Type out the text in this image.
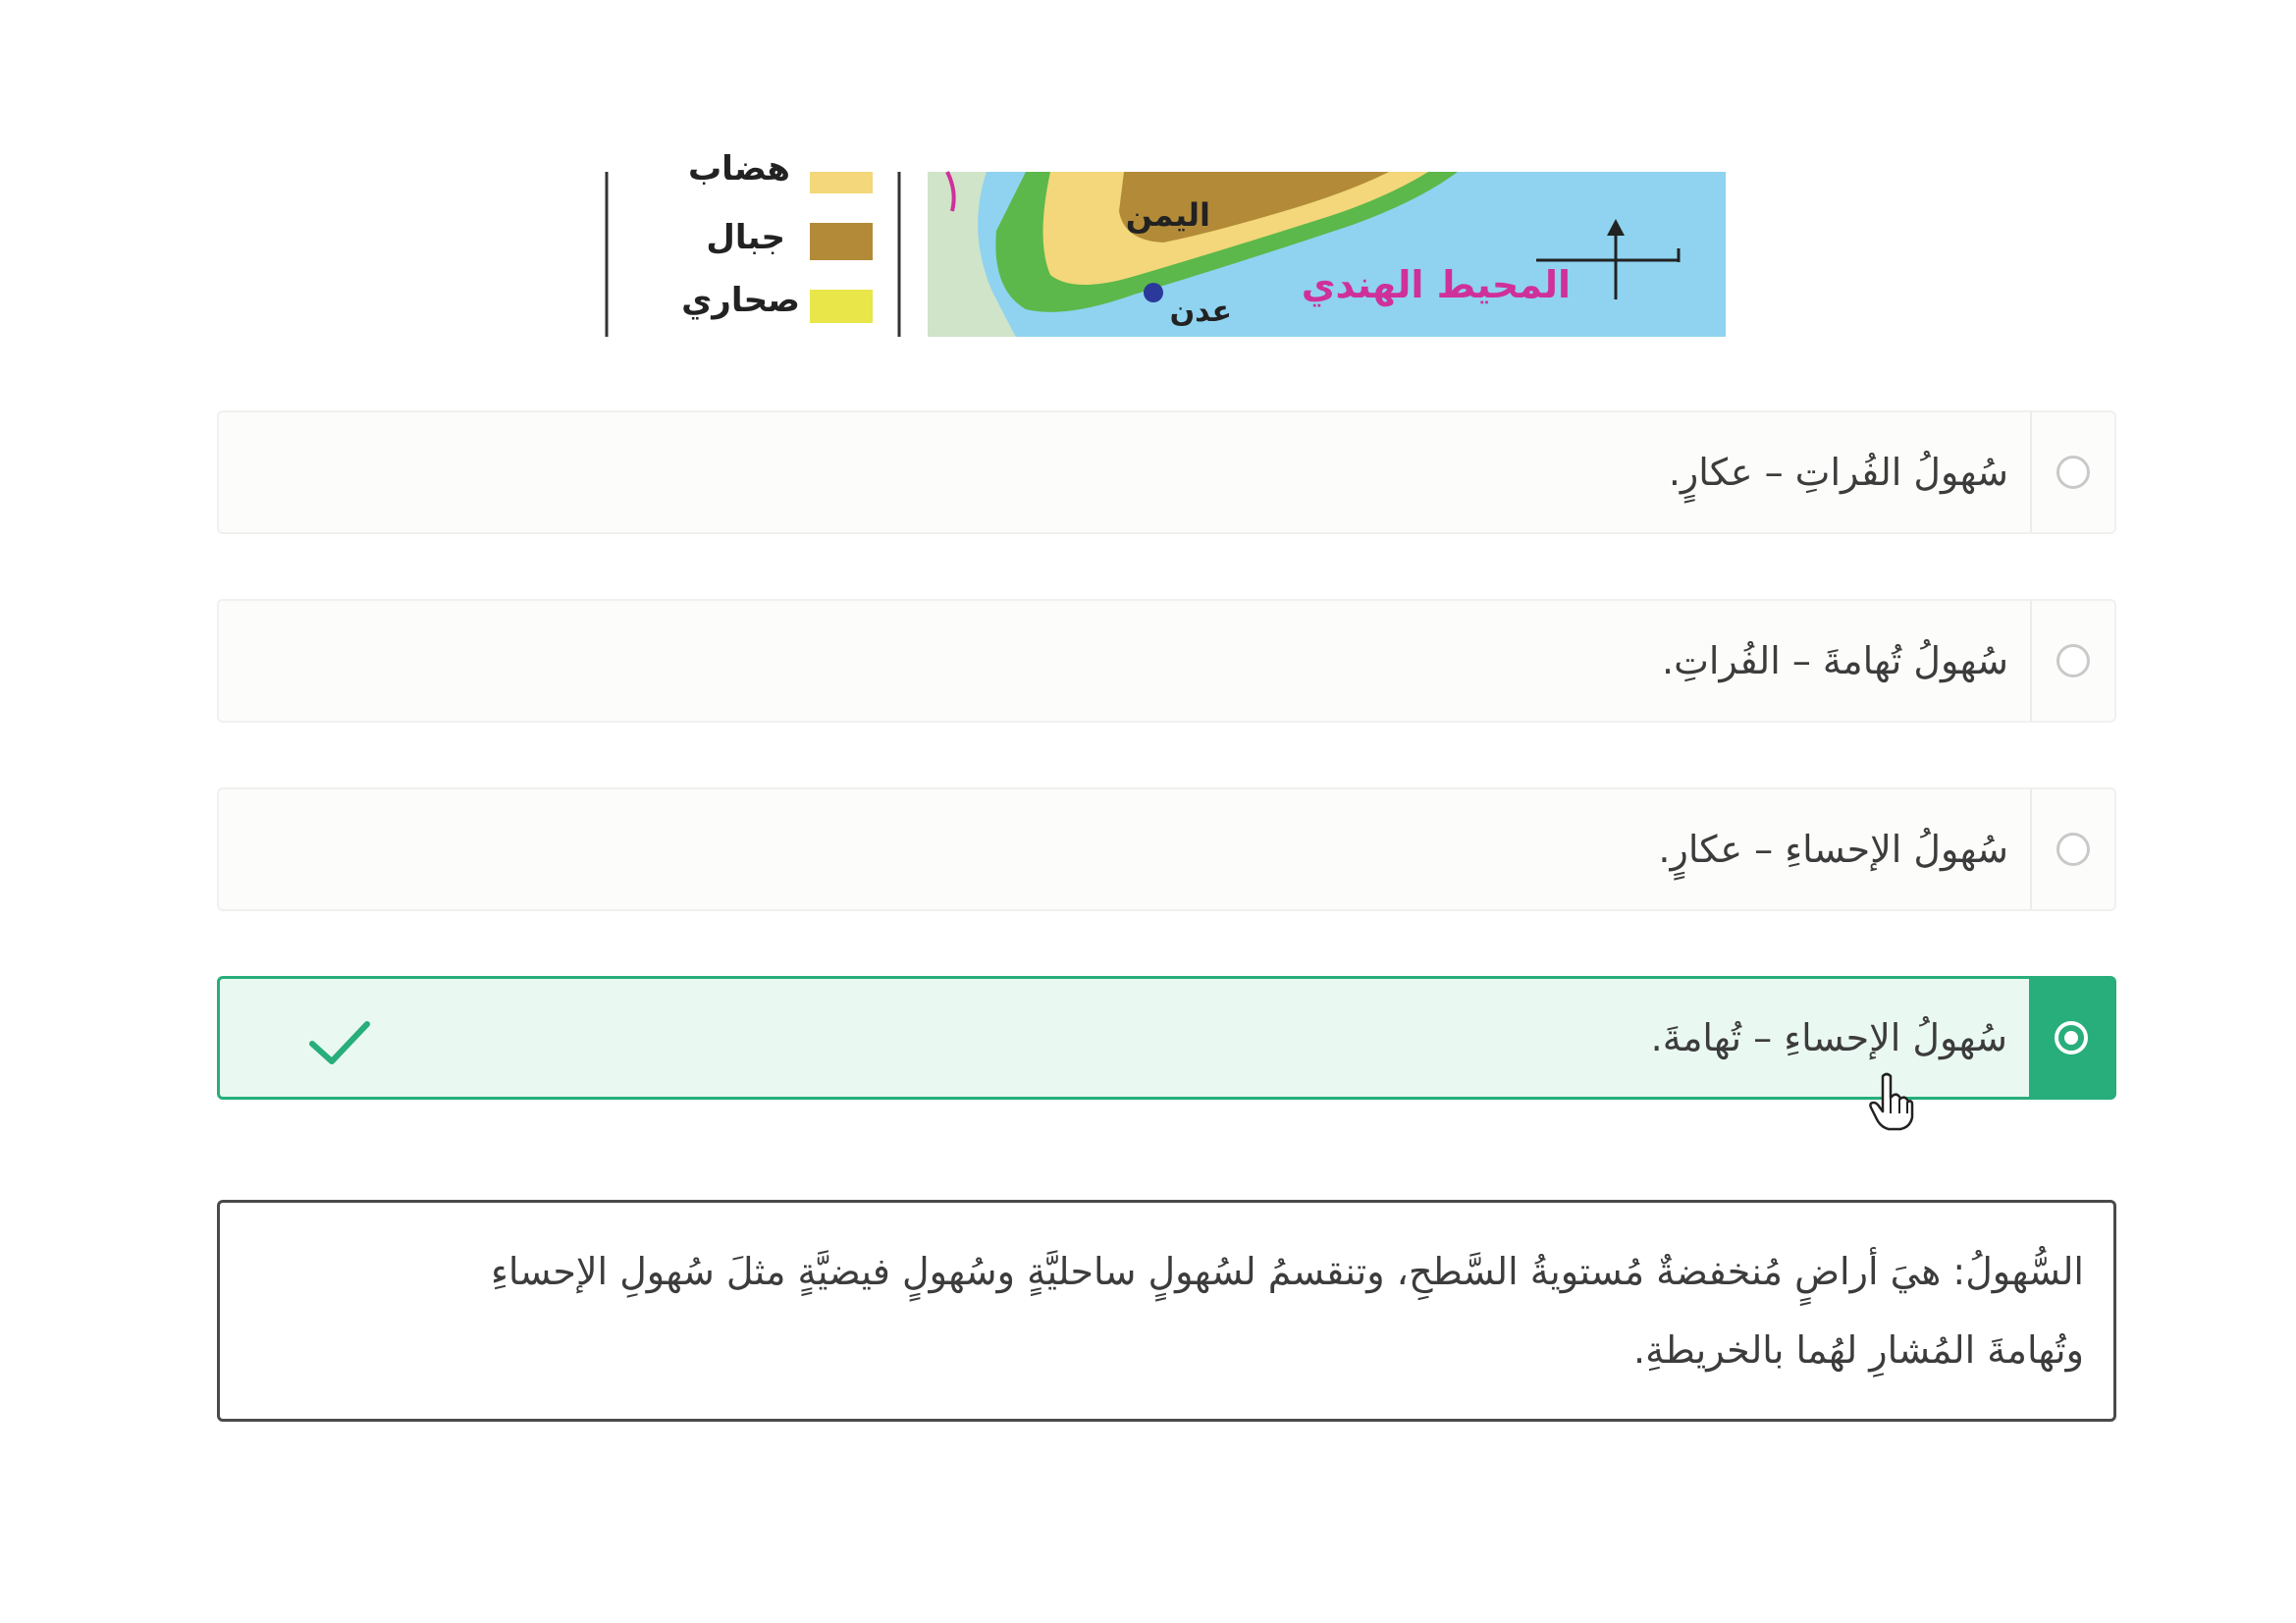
هضاب
جبال
صحاري
اليمن
عدن
المحيط الهندي
سُهولُ الفُراتِ – عكارٍ.
سُهولُ تُهامةَ – الفُراتِ.
سُهولُ الإحساءِ – عكارٍ.
سُهولُ الإحساءِ – تُهامةَ.

السُّهولُ: هيَ أراضٍ مُنخفضةٌ مُستويةُ السَّطحِ، وتنقسمُ لسُهولٍ ساحليَّةٍ وسُهولٍ فيضيَّةٍ مثلَ سُهولِ الإحساءِ

وتُهامةَ المُشارِ لهُما بالخريطةِ.
